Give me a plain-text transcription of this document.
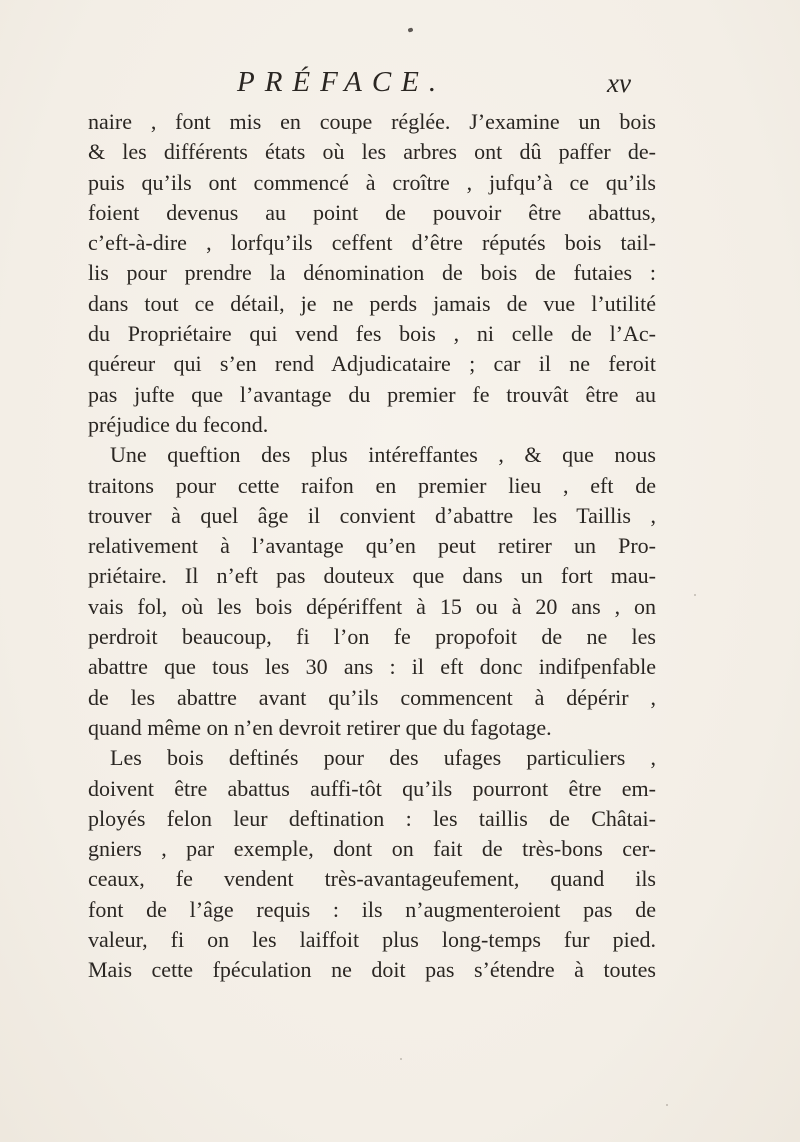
PRÉFACE.	xv
naire , font mis en coupe réglée. J’examine un bois
& les différents états où les arbres ont dû paffer de-
puis qu’ils ont commencé à croître , jufqu’à ce qu’ils
foient devenus au point de pouvoir être abattus,
c’eft-à-dire , lorfqu’ils ceffent d’être réputés bois tail-
lis pour prendre la dénomination de bois de futaies :
dans tout ce détail, je ne perds jamais de vue l’utilité
du Propriétaire qui vend fes bois , ni celle de l’Ac-
quéreur qui s’en rend Adjudicataire ; car il ne feroit
pas jufte que l’avantage du premier fe trouvât être au
préjudice du fecond.
Une queftion des plus intéreffantes , & que nous
traitons pour cette raifon en premier lieu , eft de
trouver à quel âge il convient d’abattre les Taillis ,
relativement à l’avantage qu’en peut retirer un Pro-
priétaire. Il n’eft pas douteux que dans un fort mau-
vais fol, où les bois dépériffent à 15 ou à 20 ans , on
perdroit beaucoup, fi l’on fe propofoit de ne les
abattre que tous les 30 ans : il eft donc indifpenfable
de les abattre avant qu’ils commencent à dépérir ,
quand même on n’en devroit retirer que du fagotage.
Les bois deftinés pour des ufages particuliers ,
doivent être abattus auffi-tôt qu’ils pourront être em-
ployés felon leur deftination : les taillis de Châtai-
gniers , par exemple, dont on fait de très-bons cer-
ceaux, fe vendent très-avantageufement, quand ils
font de l’âge requis : ils n’augmenteroient pas de
valeur, fi on les laiffoit plus long-temps fur pied.
Mais cette fpéculation ne doit pas s’étendre à toutes
